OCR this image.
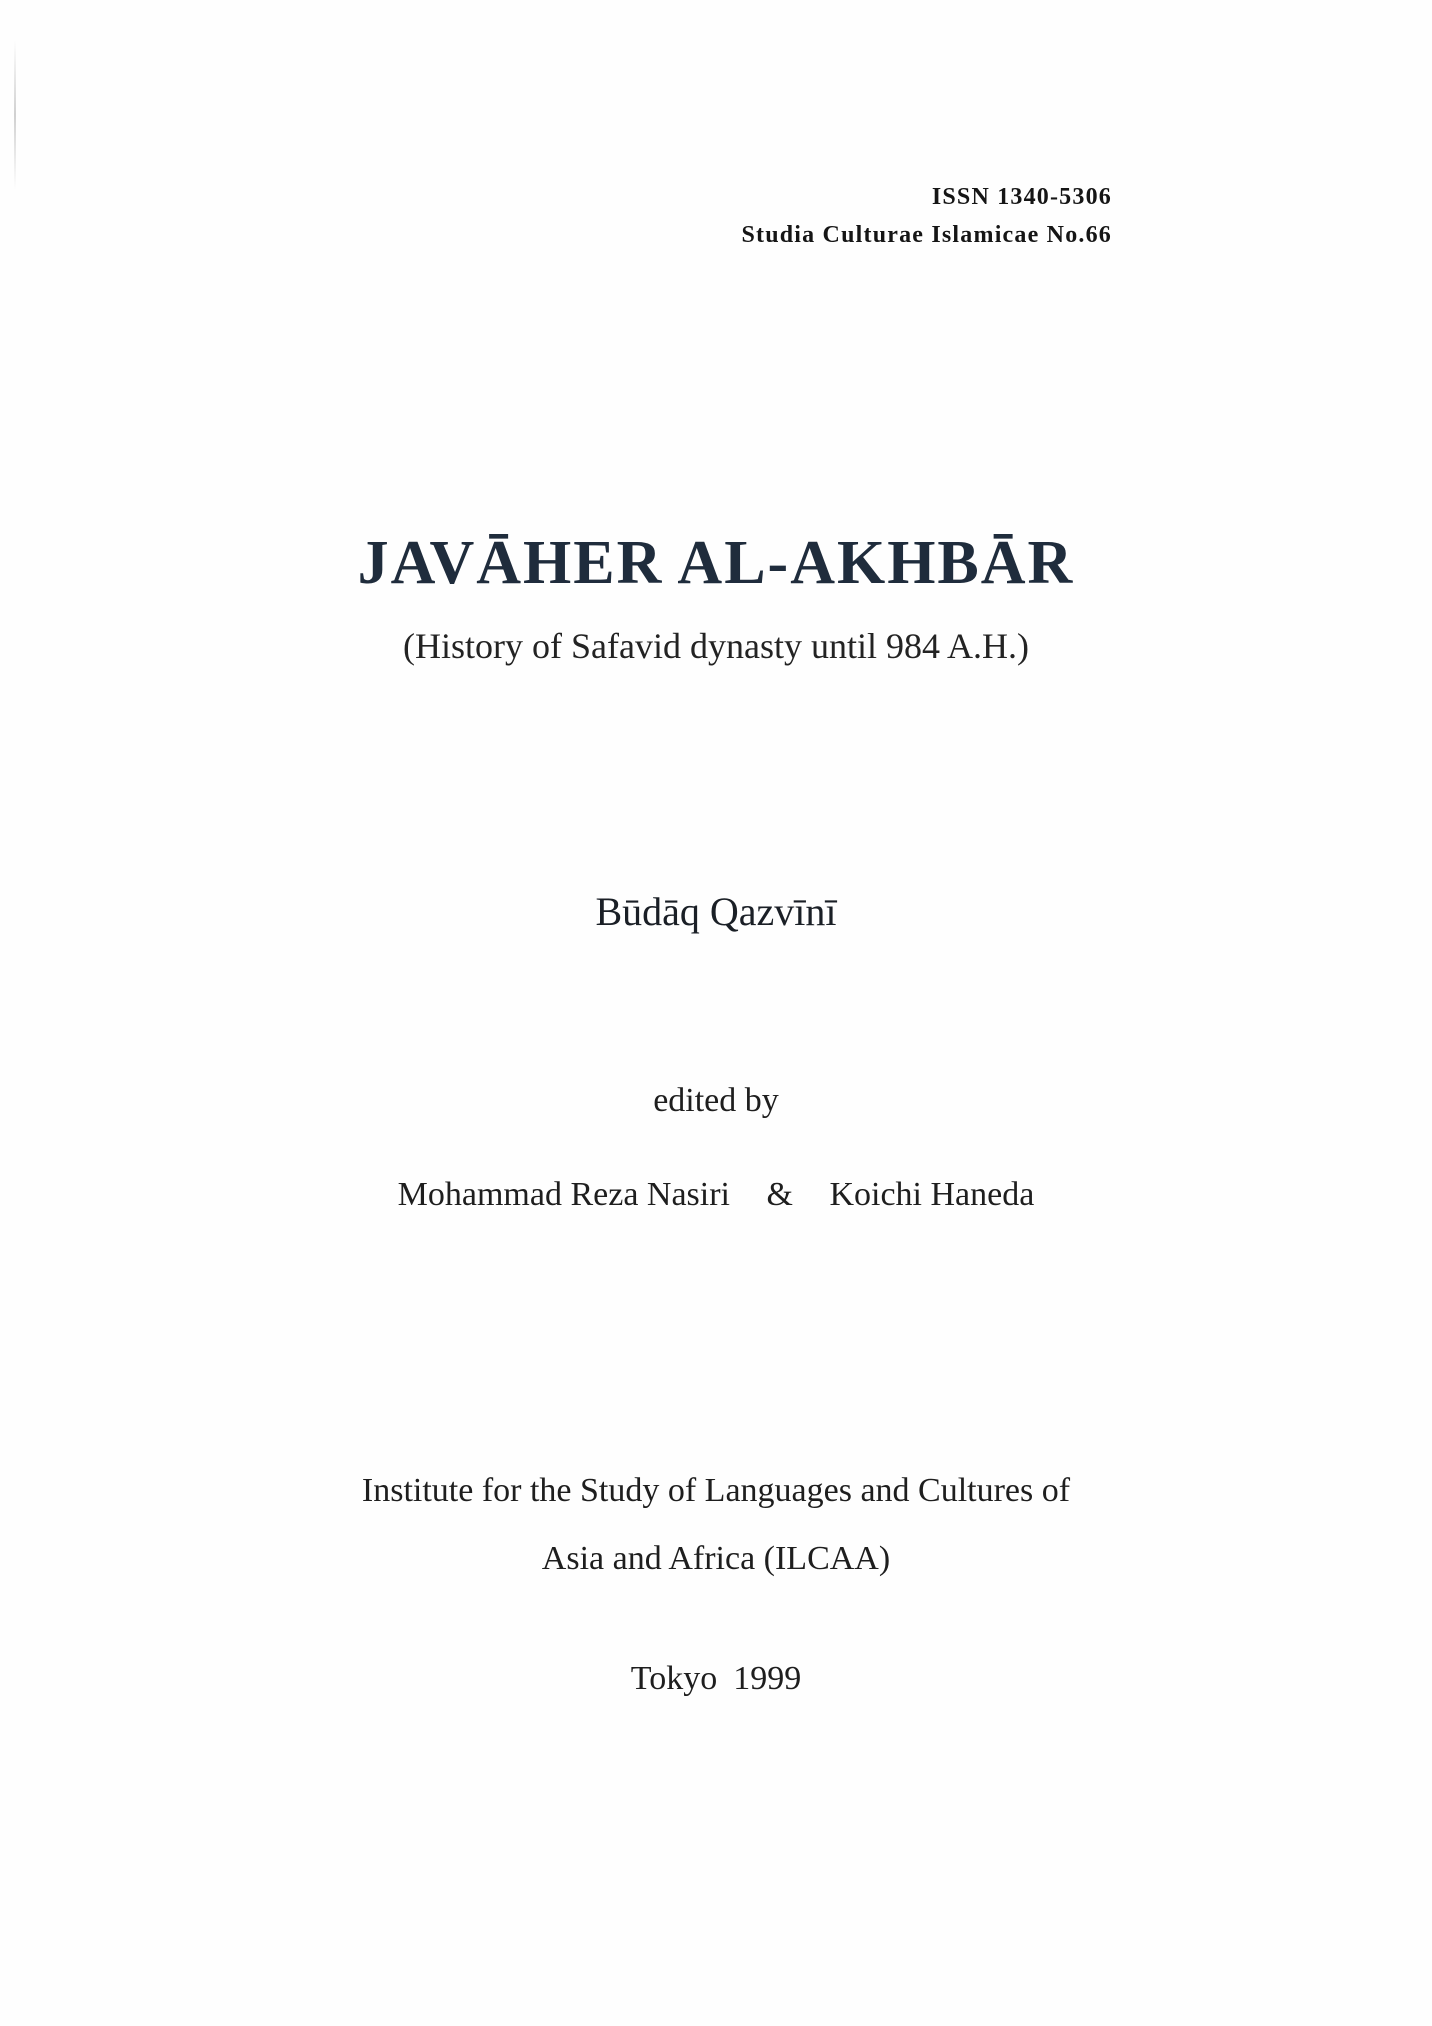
ISSN 1340-5306
Studia Culturae Islamicae No.66
JAVĀHER AL-AKHBĀR
(History of Safavid dynasty until 984 A.H.)
Būdāq Qazvīnī
edited by
Mohammad Reza Nasiri & Koichi Haneda
Institute for the Study of Languages and Cultures of
Asia and Africa (ILCAA)
Tokyo 1999
